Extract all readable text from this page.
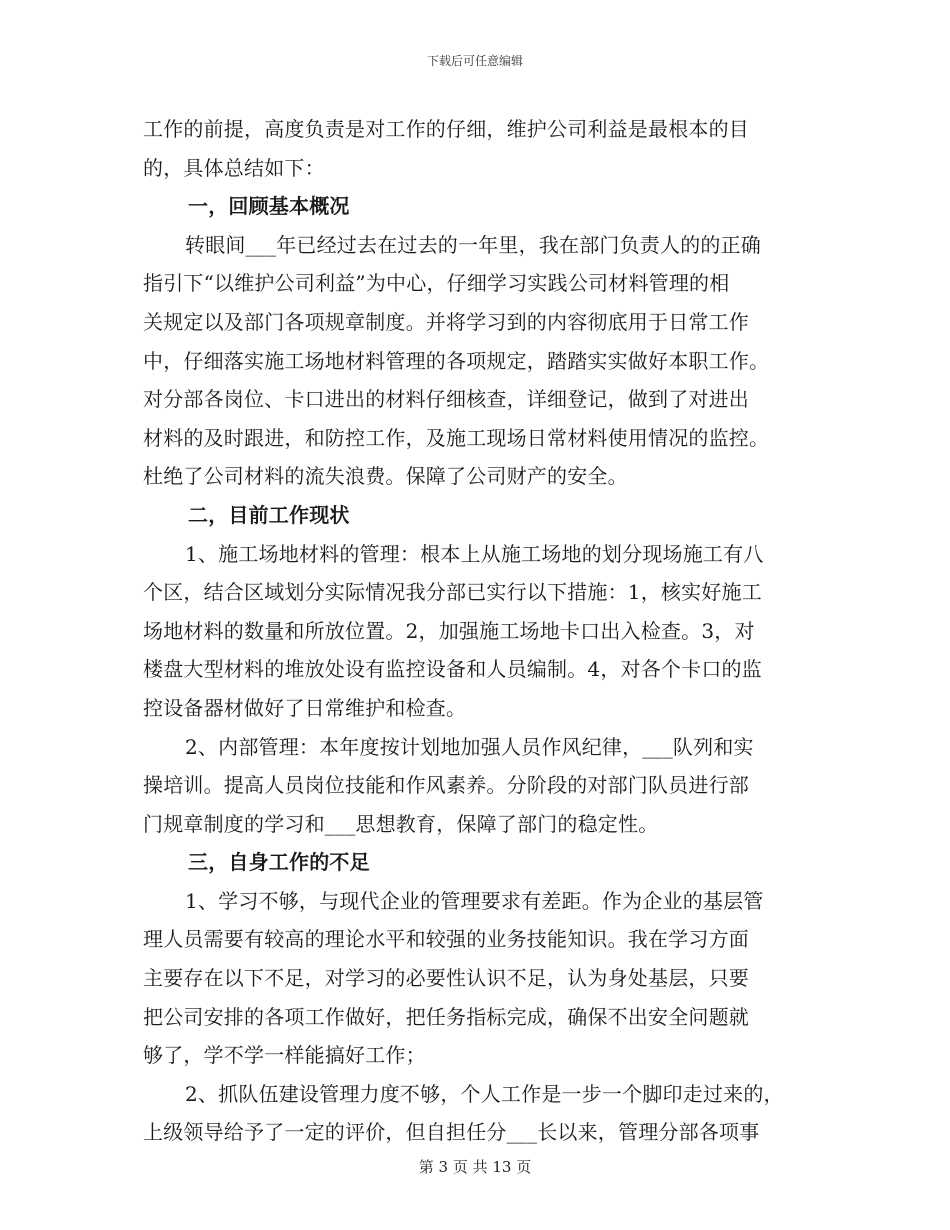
下载后可任意编辑
工作的前提，高度负责是对工作的仔细，维护公司利益是最根本的目
的，具体总结如下：
一，回顾基本概况
转眼间___年已经过去在过去的一年里，我在部门负责人的的正确
指引下“以维护公司利益”为中心，仔细学习实践公司材料管理的相
关规定以及部门各项规章制度。并将学习到的内容彻底用于日常工作
中，仔细落实施工场地材料管理的各项规定，踏踏实实做好本职工作。
对分部各岗位、卡口进出的材料仔细核查，详细登记，做到了对进出
材料的及时跟进，和防控工作，及施工现场日常材料使用情况的监控。
杜绝了公司材料的流失浪费。保障了公司财产的安全。
二，目前工作现状
1、施工场地材料的管理：根本上从施工场地的划分现场施工有八
个区，结合区域划分实际情况我分部已实行以下措施：1，核实好施工
场地材料的数量和所放位置。2，加强施工场地卡口出入检查。3，对
楼盘大型材料的堆放处设有监控设备和人员编制。4，对各个卡口的监
控设备器材做好了日常维护和检查。
2、内部管理：本年度按计划地加强人员作风纪律，___队列和实
操培训。提高人员岗位技能和作风素养。分阶段的对部门队员进行部
门规章制度的学习和___思想教育，保障了部门的稳定性。
三，自身工作的不足
1、学习不够，与现代企业的管理要求有差距。作为企业的基层管
理人员需要有较高的理论水平和较强的业务技能知识。我在学习方面
主要存在以下不足，对学习的必要性认识不足，认为身处基层，只要
把公司安排的各项工作做好，把任务指标完成，确保不出安全问题就
够了，学不学一样能搞好工作；
2、抓队伍建设管理力度不够，个人工作是一步一个脚印走过来的，
上级领导给予了一定的评价，但自担任分___长以来，管理分部各项事
第 3 页 共 13 页
